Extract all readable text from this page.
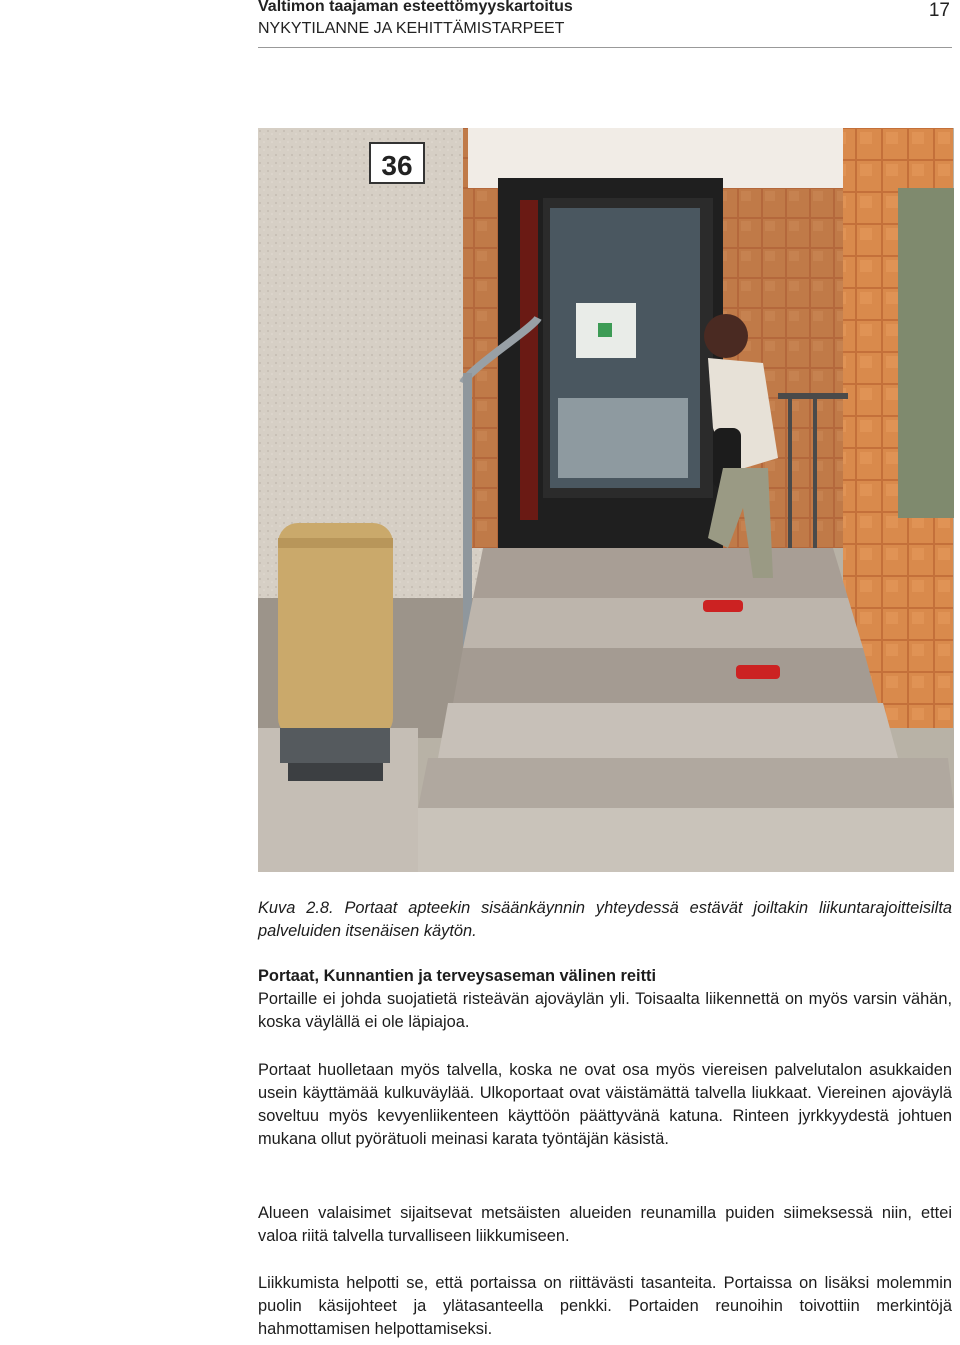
Valtimon taajaman esteettömyyskartoitus
NYKYTILANNE JA KEHITTÄMISTARPEET
17
36
Kuva 2.8. Portaat apteekin sisäänkäynnin yhteydessä estävät joiltakin liikuntarajoitteisilta palveluiden itsenäisen käytön.
Portaat, Kunnantien ja terveysaseman välinen reitti
Portaille ei johda suojatietä risteävän ajoväylän yli. Toisaalta liikennettä on myös varsin vähän, koska väylällä ei ole läpiajoa.
Portaat huolletaan myös talvella, koska ne ovat osa myös viereisen palvelutalon asukkaiden usein käyttämää kulkuväylää. Ulkoportaat ovat väistämättä talvella liukkaat. Viereinen ajoväylä soveltuu myös kevyenliikenteen käyttöön päättyvänä katuna. Rinteen jyrkkyydestä johtuen mukana ollut pyörätuoli meinasi karata työntäjän käsistä.
Alueen valaisimet sijaitsevat metsäisten alueiden reunamilla puiden siimeksessä niin, ettei valoa riitä talvella turvalliseen liikkumiseen.
Liikkumista helpotti se, että portaissa on riittävästi tasanteita. Portaissa on lisäksi molemmin puolin käsijohteet ja ylätasanteella penkki. Portaiden reunoihin toivottiin merkintöjä hahmottamisen helpottamiseksi.
